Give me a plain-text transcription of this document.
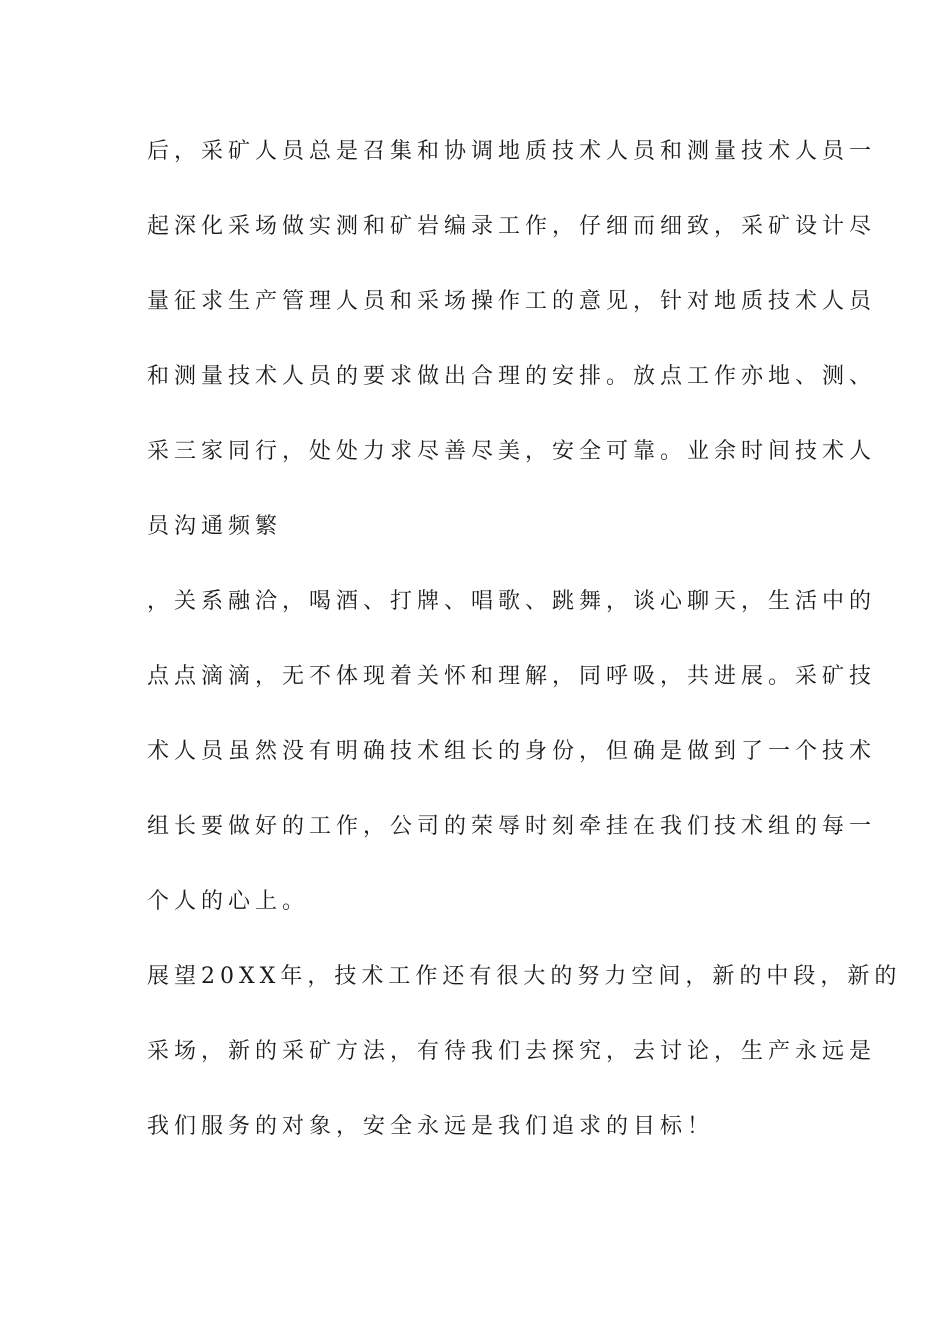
后，采矿人员总是召集和协调地质技术人员和测量技术人员一
起深化采场做实测和矿岩编录工作，仔细而细致，采矿设计尽
量征求生产管理人员和采场操作工的意见，针对地质技术人员
和测量技术人员的要求做出合理的安排。放点工作亦地、测、
采三家同行，处处力求尽善尽美，安全可靠。业余时间技术人
员沟通频繁
，关系融洽，喝酒、打牌、唱歌、跳舞，谈心聊天，生活中的
点点滴滴，无不体现着关怀和理解，同呼吸，共进展。采矿技
术人员虽然没有明确技术组长的身份，但确是做到了一个技术
组长要做好的工作，公司的荣辱时刻牵挂在我们技术组的每一
个人的心上。
展望20XX年，技术工作还有很大的努力空间，新的中段，新的
采场，新的采矿方法，有待我们去探究，去讨论，生产永远是
我们服务的对象，安全永远是我们追求的目标！
